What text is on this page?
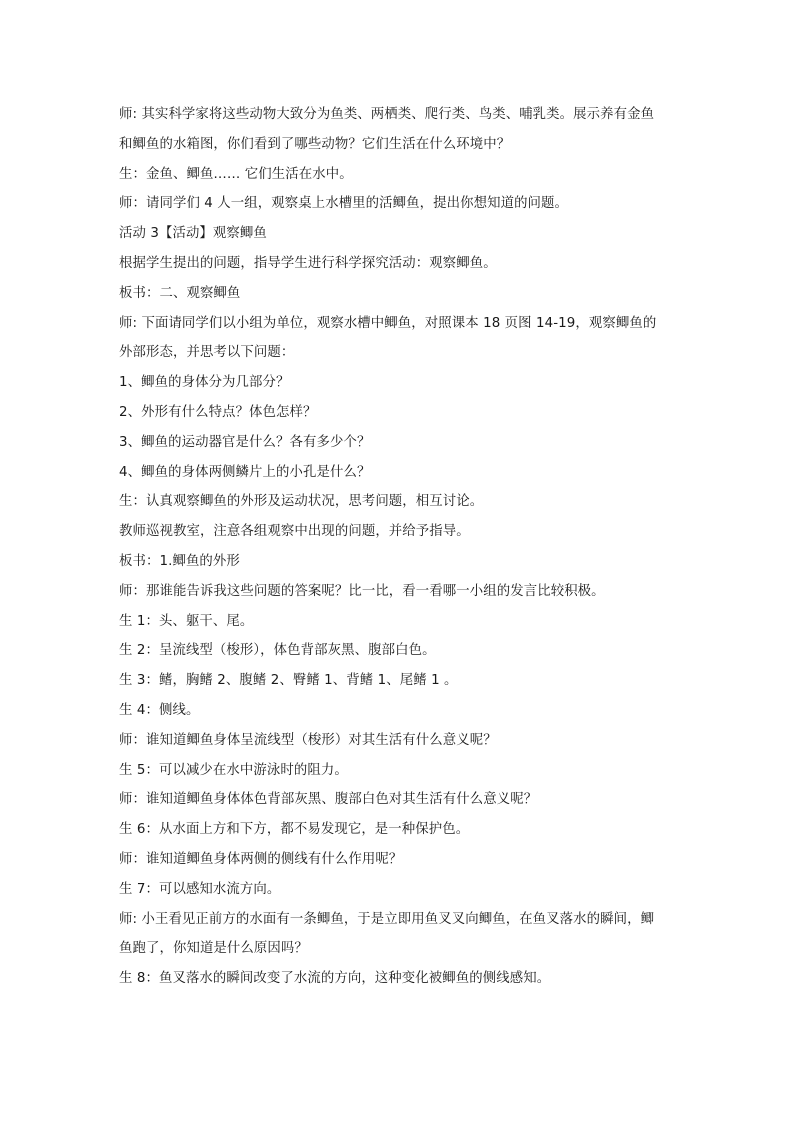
师: 其实科学家将这些动物大致分为鱼类、两栖类、爬行类、鸟类、哺乳类。展示养有金鱼
和鲫鱼的水箱图，你们看到了哪些动物？它们生活在什么环境中？
生：金鱼、鲫鱼…… 它们生活在水中。
师：请同学们 4 人一组，观察桌上水槽里的活鲫鱼，提出你想知道的问题。
活动 3【活动】观察鲫鱼
根据学生提出的问题，指导学生进行科学探究活动：观察鲫鱼。
板书：二、观察鲫鱼
师: 下面请同学们以小组为单位，观察水槽中鲫鱼，对照课本 18 页图 14-19，观察鲫鱼的
外部形态，并思考以下问题：
1、鲫鱼的身体分为几部分？
2、外形有什么特点？体色怎样？
3、鲫鱼的运动器官是什么？各有多少个？
4、鲫鱼的身体两侧鳞片上的小孔是什么？
生：认真观察鲫鱼的外形及运动状况，思考问题，相互讨论。
教师巡视教室，注意各组观察中出现的问题，并给予指导。
板书：1.鲫鱼的外形
师：那谁能告诉我这些问题的答案呢？比一比，看一看哪一小组的发言比较积极。
生 1：头、躯干、尾。
生 2：呈流线型（梭形），体色背部灰黑、腹部白色。
生 3：鳍，胸鳍 2、腹鳍 2、臀鳍 1、背鳍 1、尾鳍 1 。
生 4：侧线。
师：谁知道鲫鱼身体呈流线型（梭形）对其生活有什么意义呢？
生 5：可以减少在水中游泳时的阻力。
师：谁知道鲫鱼身体体色背部灰黑、腹部白色对其生活有什么意义呢？
生 6：从水面上方和下方，都不易发现它，是一种保护色。
师：谁知道鲫鱼身体两侧的侧线有什么作用呢？
生 7：可以感知水流方向。
师: 小王看见正前方的水面有一条鲫鱼，于是立即用鱼叉叉向鲫鱼，在鱼叉落水的瞬间，鲫
鱼跑了，你知道是什么原因吗？
生 8：鱼叉落水的瞬间改变了水流的方向，这种变化被鲫鱼的侧线感知。
